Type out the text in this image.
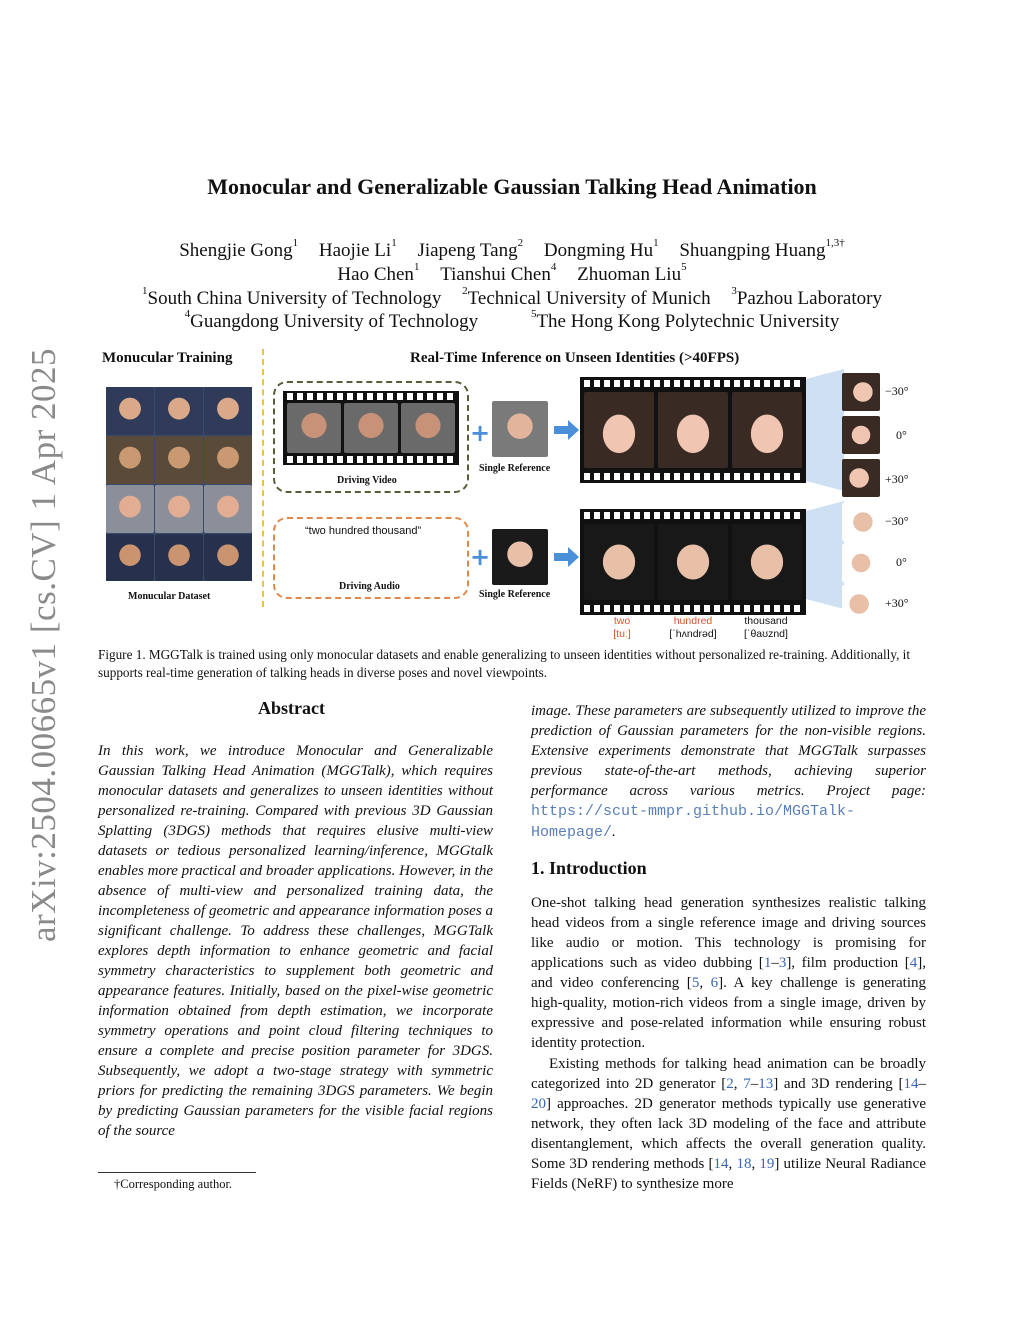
arXiv:2504.00665v1 [cs.CV] 1 Apr 2025
Monocular and Generalizable Gaussian Talking Head Animation
Shengjie Gong$^1$ Haojie Li$^1$ Jiapeng Tang$^2$ Dongming Hu$^1$ Shuangping Huang$^{1,3\dagger}$
Hao Chen$^1$ Tianshui Chen$^4$ Zhuoman Liu$^5$
$^1$South China University of Technology $^2$Technical University of Munich $^3$Pazhou Laboratory
$^4$Guangdong University of Technology	$^5$The Hong Kong Polytechnic University
Monucular Training	Real-Time Inference on Unseen Identities (>40FPS)
Monucular Dataset
Driving Video
“two hundred thousand”
Driving Audio
+
+
Single Reference
Single Reference
two
[tuː]
hundred
[ˈhʌndrəd]
thousand
[ˈθaʊznd]
−30°
0°
+30°
−30°
0°
+30°
Figure 1. MGGTalk is trained using only monocular datasets and enable generalizing to unseen identities without personalized re-training. Additionally, it supports real-time generation of talking heads in diverse poses and novel viewpoints.
Abstract
In this work, we introduce Monocular and Generalizable Gaussian Talking Head Animation (MGGTalk), which requires monocular datasets and generalizes to unseen identities without personalized re-training. Compared with previous 3D Gaussian Splatting (3DGS) methods that requires elusive multi-view datasets or tedious personalized learning/inference, MGGtalk enables more practical and broader applications. However, in the absence of multi-view and personalized training data, the incompleteness of geometric and appearance information poses a significant challenge. To address these challenges, MGGTalk explores depth information to enhance geometric and facial symmetry characteristics to supplement both geometric and appearance features. Initially, based on the pixel-wise geometric information obtained from depth estimation, we incorporate symmetry operations and point cloud filtering techniques to ensure a complete and precise position parameter for 3DGS. Subsequently, we adopt a two-stage strategy with symmetric priors for predicting the remaining 3DGS parameters. We begin by predicting Gaussian parameters for the visible facial regions of the source
†Corresponding author.
image. These parameters are subsequently utilized to improve the prediction of Gaussian parameters for the non-visible regions. Extensive experiments demonstrate that MGGTalk surpasses previous state-of-the-art methods, achieving superior performance across various metrics. Project page: https://scut-mmpr.github.io/MGGTalk-Homepage/.
1. Introduction
One-shot talking head generation synthesizes realistic talking head videos from a single reference image and driving sources like audio or motion. This technology is promising for applications such as video dubbing [1–3], film production [4], and video conferencing [5, 6]. A key challenge is generating high-quality, motion-rich videos from a single image, driven by expressive and pose-related information while ensuring robust identity protection.
Existing methods for talking head animation can be broadly categorized into 2D generator [2, 7–13] and 3D rendering [14–20] approaches. 2D generator methods typically use generative network, they often lack 3D modeling of the face and attribute disentanglement, which affects the overall generation quality. Some 3D rendering methods [14, 18, 19] utilize Neural Radiance Fields (NeRF) to synthesize more
